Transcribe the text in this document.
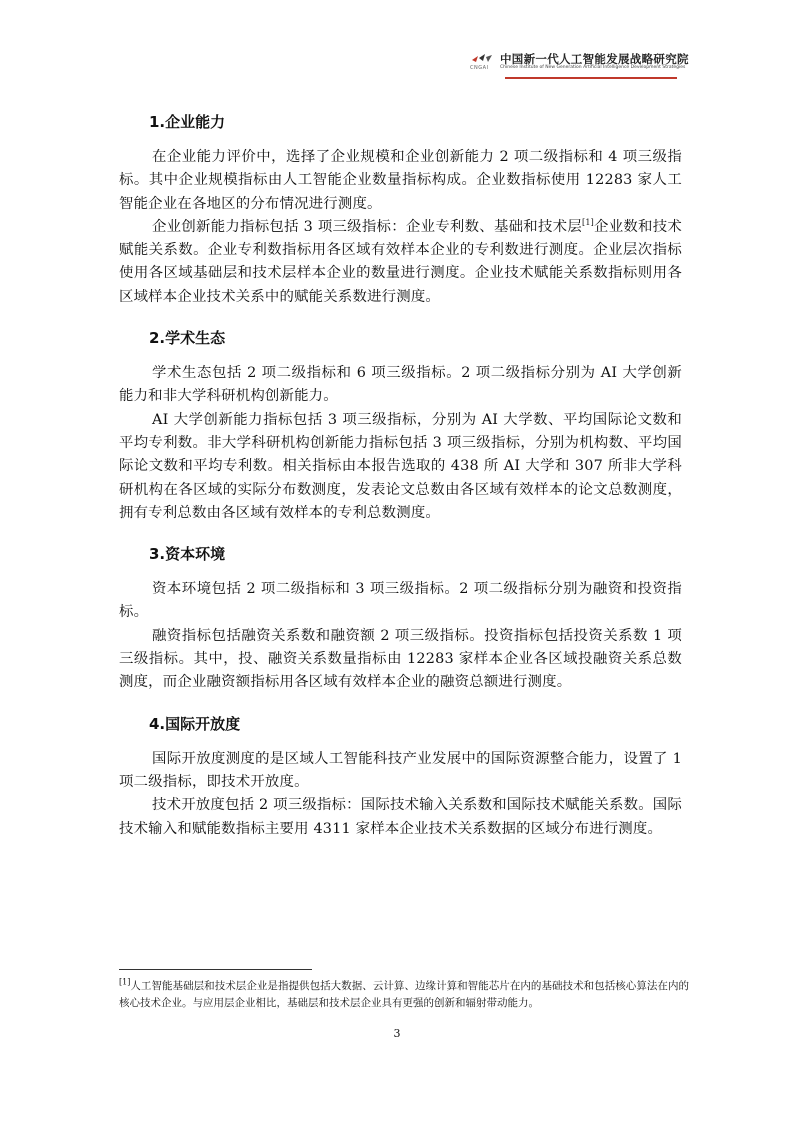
CNGAI
中国新一代人工智能发展战略研究院
Chinese Institute of New Generation Artificial Intelligence Development Strategies
1.企业能力

在企业能力评价中，选择了企业规模和企业创新能力 2 项二级指标和 4 项三级指标。其中企业规模指标由人工智能企业数量指标构成。企业数指标使用 12283 家人工智能企业在各地区的分布情况进行测度。

企业创新能力指标包括 3 项三级指标：企业专利数、基础和技术层[1]企业数和技术赋能关系数。企业专利数指标用各区域有效样本企业的专利数进行测度。企业层次指标使用各区域基础层和技术层样本企业的数量进行测度。企业技术赋能关系数指标则用各区域样本企业技术关系中的赋能关系数进行测度。

2.学术生态

学术生态包括 2 项二级指标和 6 项三级指标。2 项二级指标分别为 AI 大学创新能力和非大学科研机构创新能力。

AI 大学创新能力指标包括 3 项三级指标，分别为 AI 大学数、平均国际论文数和平均专利数。非大学科研机构创新能力指标包括 3 项三级指标，分别为机构数、平均国际论文数和平均专利数。相关指标由本报告选取的 438 所 AI 大学和 307 所非大学科研机构在各区域的实际分布数测度，发表论文总数由各区域有效样本的论文总数测度，拥有专利总数由各区域有效样本的专利总数测度。

3.资本环境

资本环境包括 2 项二级指标和 3 项三级指标。2 项二级指标分别为融资和投资指标。

融资指标包括融资关系数和融资额 2 项三级指标。投资指标包括投资关系数 1 项三级指标。其中，投、融资关系数量指标由 12283 家样本企业各区域投融资关系总数测度，而企业融资额指标用各区域有效样本企业的融资总额进行测度。

4.国际开放度

国际开放度测度的是区域人工智能科技产业发展中的国际资源整合能力，设置了 1 项二级指标，即技术开放度。

技术开放度包括 2 项三级指标：国际技术输入关系数和国际技术赋能关系数。国际技术输入和赋能数指标主要用 4311 家样本企业技术关系数据的区域分布进行测度。

[1]人工智能基础层和技术层企业是指提供包括大数据、云计算、边缘计算和智能芯片在内的基础技术和包括核心算法在内的核心技术企业。与应用层企业相比，基础层和技术层企业具有更强的创新和辐射带动能力。
3
